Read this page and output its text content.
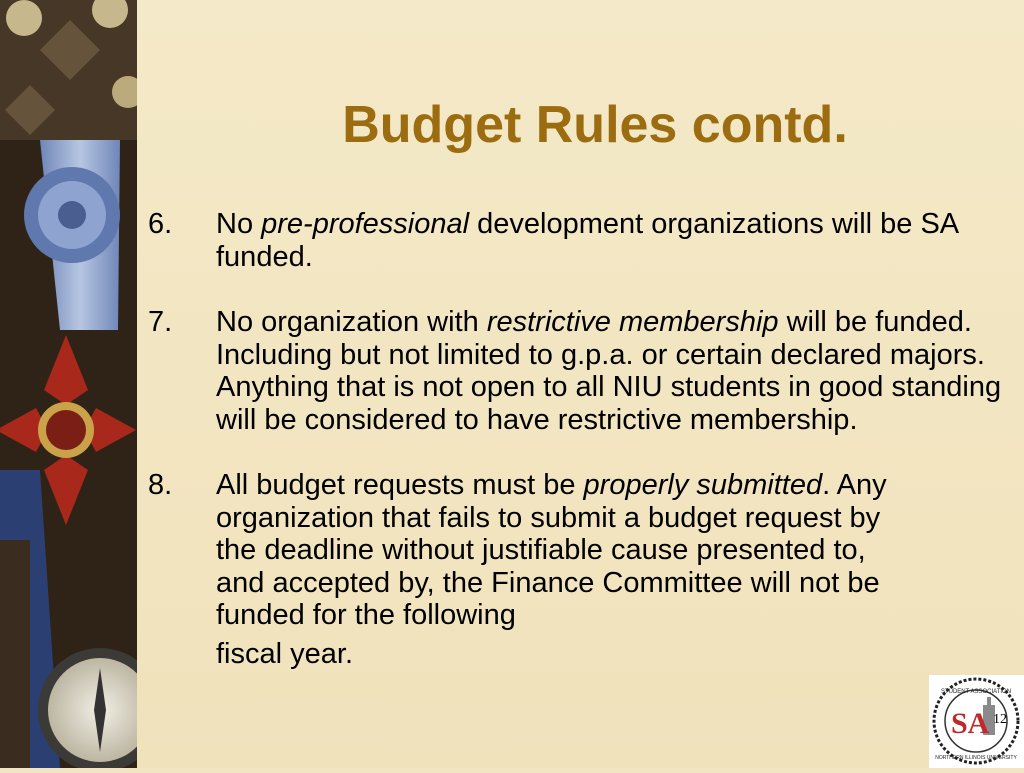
Budget Rules contd.
6. No pre-professional development organizations will be SA funded.
7. No organization with restrictive membership will be funded. Including but not limited to g.p.a. or certain declared majors. Anything that is not open to all NIU students in good standing will be considered to have restrictive membership.
8. All budget requests must be properly submitted. Any organization that fails to submit a budget request by the deadline without justifiable cause presented to, and accepted by, the Finance Committee will not be funded for the following
fiscal year.
SA
STUDENT ASSOCIATION
NORTHERN ILLINOIS UNIVERSITY
12
